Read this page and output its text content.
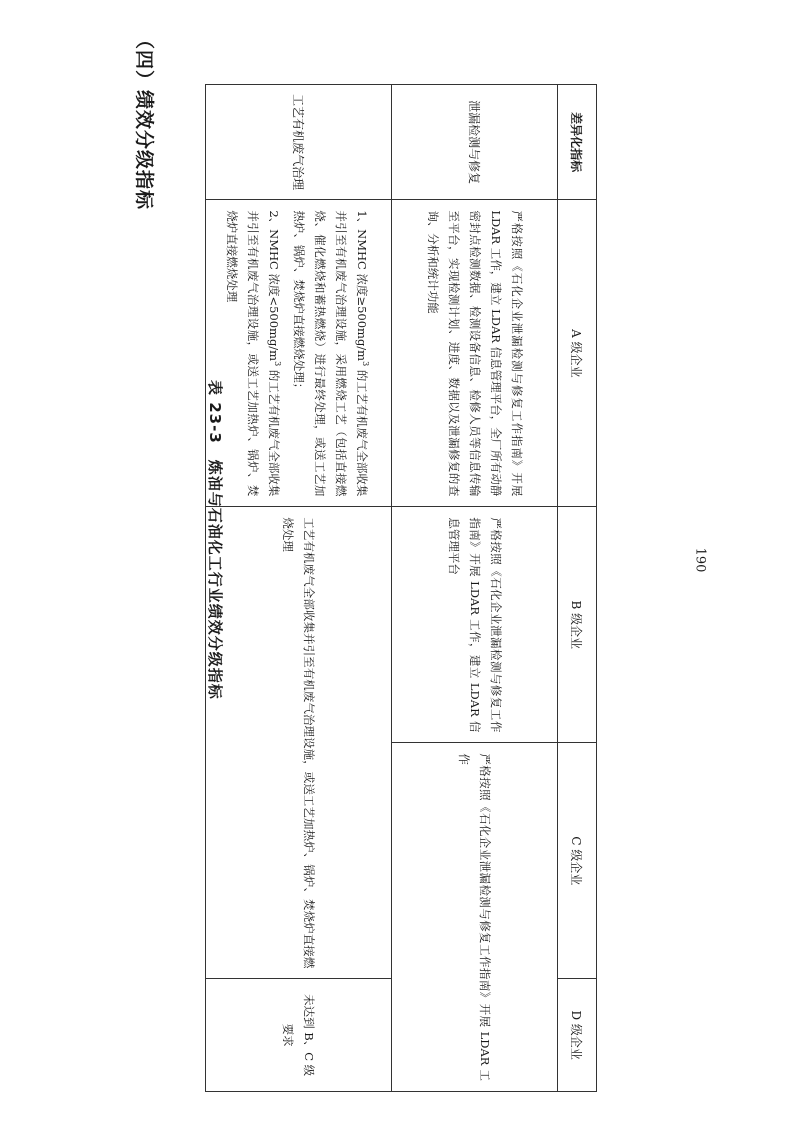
190
（四）绩效分级指标
表 23-3　炼油与石油化工行业绩效分级指标
差异化指标	A 级企业	B 级企业	C 级企业	D 级企业

泄漏检测与修复	严格按照《石化企业泄漏检测与修复工作指南》开展 LDAR 工作，建立 LDAR 信息管理平台，全厂所有动静密封点检测数据、检测设备信息、检修人员等信息传输至平台，实现检测计划、进度、数据以及泄漏修复的查询、分析和统计功能	严格按照《石化企业泄漏检测与修复工作指南》开展 LDAR 工作，建立 LDAR 信息管理平台	严格按照《石化企业泄漏检测与修复工作指南》开展 LDAR 工作	

工艺有机废气治理	1、NMHC 浓度$\ge 500mg/m^3$ 的工艺有机废气全部收集并引至有机废气治理设施，采用燃烧工艺（包括直接燃烧、催化燃烧和蓄热燃烧）进行最终处理，或送工艺加热炉、锅炉、焚烧炉直接燃烧处理；
2、NMHC 浓度$<500mg/m^3$ 的工艺有机废气全部收集并引至有机废气治理设施，或送工艺加热炉、锅炉、焚烧炉直接燃烧处理	工艺有机废气全部收集并引至有机废气治理设施，或送工艺加热炉、锅炉、焚烧炉直接燃烧处理		未达到 B、C 级要求
